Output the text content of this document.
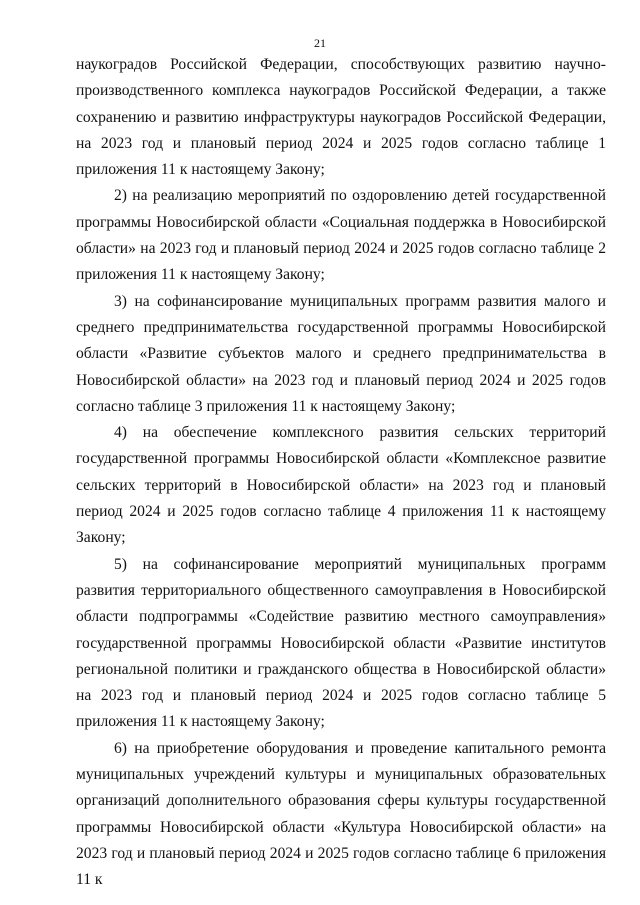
21

наукоградов Российской Федерации, способствующих развитию научно-производственного комплекса наукоградов Российской Федерации, а также сохранению и развитию инфраструктуры наукоградов Российской Федерации, на 2023 год и плановый период 2024 и 2025 годов согласно таблице 1 приложения 11 к настоящему Закону;

2) на реализацию мероприятий по оздоровлению детей государственной программы Новосибирской области «Социальная поддержка в Новосибирской области» на 2023 год и плановый период 2024 и 2025 годов согласно таблице 2 приложения 11 к настоящему Закону;

3) на софинансирование муниципальных программ развития малого и среднего предпринимательства государственной программы Новосибирской области «Развитие субъектов малого и среднего предпринимательства в Новосибирской области» на 2023 год и плановый период 2024 и 2025 годов согласно таблице 3 приложения 11 к настоящему Закону;

4) на обеспечение комплексного развития сельских территорий государственной программы Новосибирской области «Комплексное развитие сельских территорий в Новосибирской области» на 2023 год и плановый период 2024 и 2025 годов согласно таблице 4 приложения 11 к настоящему Закону;

5) на софинансирование мероприятий муниципальных программ развития территориального общественного самоуправления в Новосибирской области подпрограммы «Содействие развитию местного самоуправления» государственной программы Новосибирской области «Развитие институтов региональной политики и гражданского общества в Новосибирской области» на 2023 год и плановый период 2024 и 2025 годов согласно таблице 5 приложения 11 к настоящему Закону;

6) на приобретение оборудования и проведение капитального ремонта муниципальных учреждений культуры и муниципальных образовательных организаций дополнительного образования сферы культуры государственной программы Новосибирской области «Культура Новосибирской области» на 2023 год и плановый период 2024 и 2025 годов согласно таблице 6 приложения 11 к
